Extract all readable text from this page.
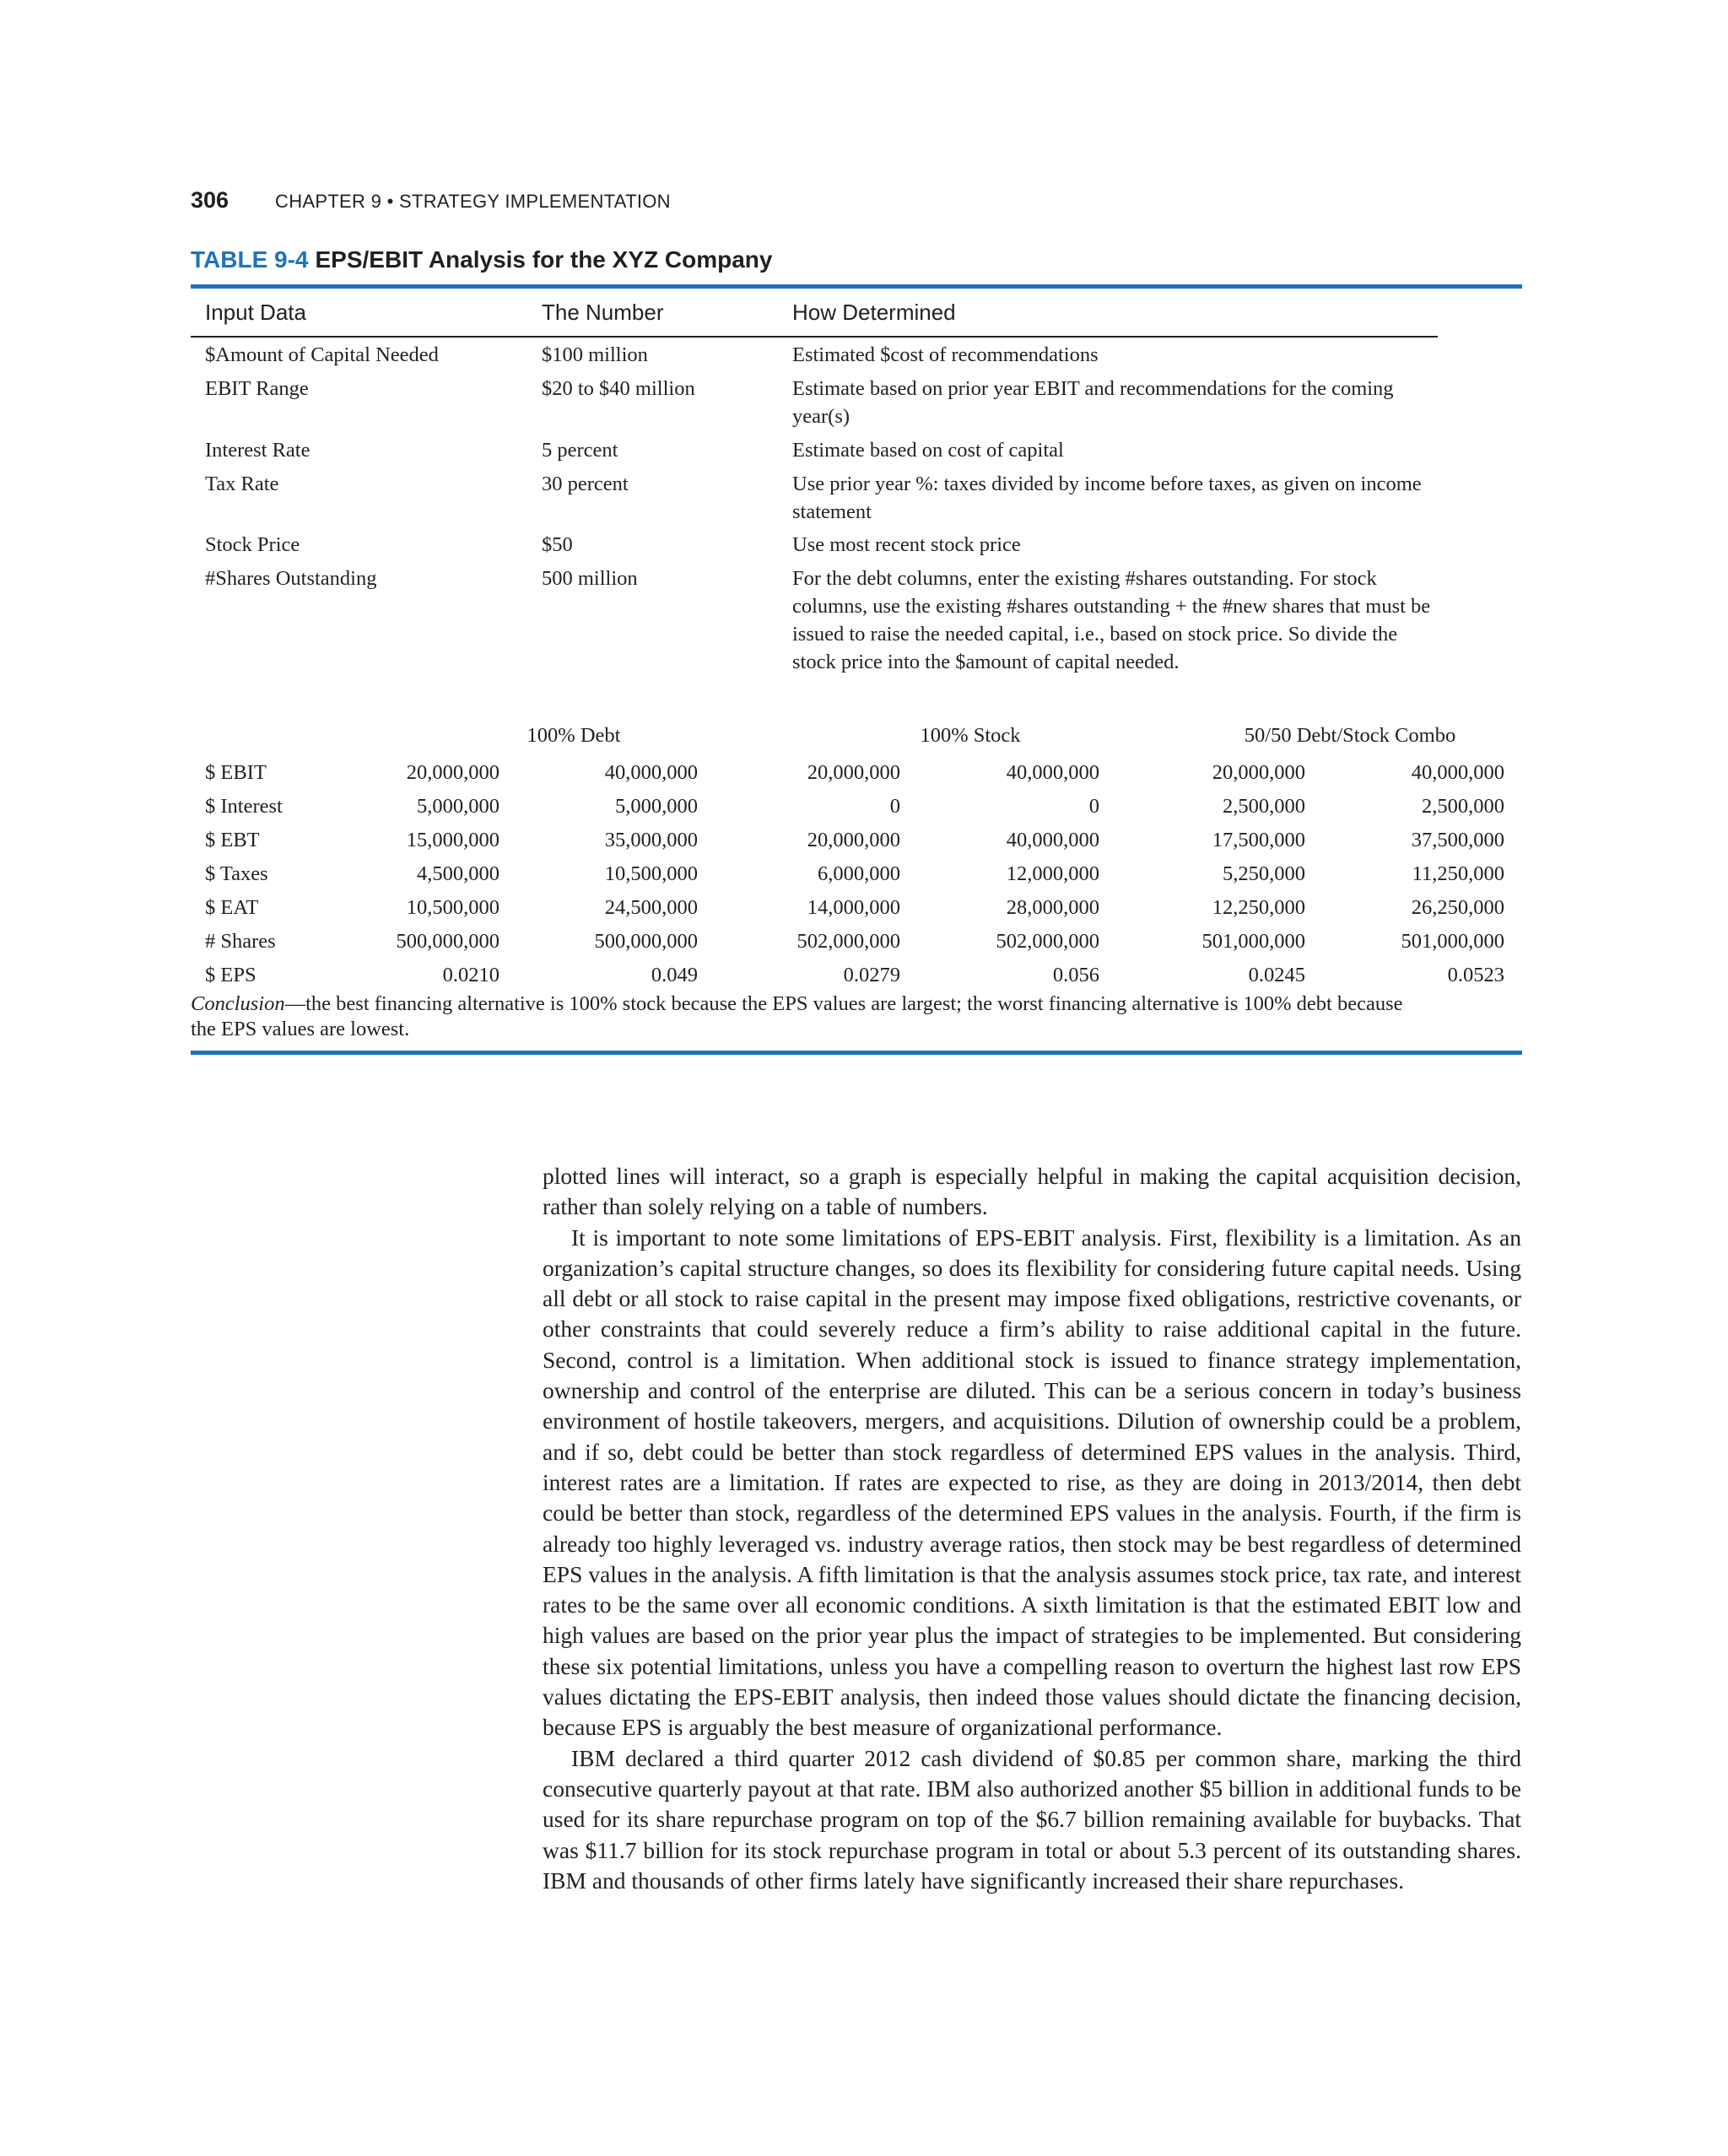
306 CHAPTER 9 • STRATEGY IMPLEMENTATION
TABLE 9-4 EPS/EBIT Analysis for the XYZ Company
Input Data	The Number	How Determined
$Amount of Capital Needed	$100 million	Estimated $cost of recommendations
EBIT Range	$20 to $40 million	Estimate based on prior year EBIT and recommendations for the coming year(s)
Interest Rate	5 percent	Estimate based on cost of capital
Tax Rate	30 percent	Use prior year %: taxes divided by income before taxes, as given on income statement
Stock Price	$50	Use most recent stock price
#Shares Outstanding	500 million	For the debt columns, enter the existing #shares outstanding. For stock columns, use the existing #shares outstanding + the #new shares that must be issued to raise the needed capital, i.e., based on stock price. So divide the stock price into the $amount of capital needed.
100% Debt	100% Stock	50/50 Debt/Stock Combo
$ EBIT	20,000,000	40,000,000	20,000,000	40,000,000	20,000,000	40,000,000
$ Interest	5,000,000	5,000,000	0	0	2,500,000	2,500,000
$ EBT	15,000,000	35,000,000	20,000,000	40,000,000	17,500,000	37,500,000
$ Taxes	4,500,000	10,500,000	6,000,000	12,000,000	5,250,000	11,250,000
$ EAT	10,500,000	24,500,000	14,000,000	28,000,000	12,250,000	26,250,000
# Shares	500,000,000	500,000,000	502,000,000	502,000,000	501,000,000	501,000,000
$ EPS	0.0210	0.049	0.0279	0.056	0.0245	0.0523
Conclusion—the best financing alternative is 100% stock because the EPS values are largest; the worst financing alternative is 100% debt because the EPS values are lowest.

plotted lines will interact, so a graph is especially helpful in making the capital acquisition decision, rather than solely relying on a table of numbers.

It is important to note some limitations of EPS-EBIT analysis. First, flexibility is a limitation. As an organization’s capital structure changes, so does its flexibility for considering future capital needs. Using all debt or all stock to raise capital in the present may impose fixed obligations, restrictive covenants, or other constraints that could severely reduce a firm’s ability to raise additional capital in the future. Second, control is a limitation. When additional stock is issued to finance strategy implementation, ownership and control of the enterprise are diluted. This can be a serious concern in today’s business environment of hostile takeovers, mergers, and acquisitions. Dilution of ownership could be a problem, and if so, debt could be better than stock regardless of determined EPS values in the analysis. Third, interest rates are a limitation. If rates are expected to rise, as they are doing in 2013/2014, then debt could be better than stock, regardless of the determined EPS values in the analysis. Fourth, if the firm is already too highly leveraged vs. industry average ratios, then stock may be best regardless of determined EPS values in the analysis. A fifth limitation is that the analysis assumes stock price, tax rate, and interest rates to be the same over all economic conditions. A sixth limitation is that the estimated EBIT low and high values are based on the prior year plus the impact of strategies to be implemented. But considering these six potential limitations, unless you have a compelling reason to overturn the highest last row EPS values dictating the EPS-EBIT analysis, then indeed those values should dictate the financing decision, because EPS is arguably the best measure of organizational performance.

IBM declared a third quarter 2012 cash dividend of $0.85 per common share, marking the third consecutive quarterly payout at that rate. IBM also authorized another $5 billion in additional funds to be used for its share repurchase program on top of the $6.7 billion remaining available for buybacks. That was $11.7 billion for its stock repurchase program in total or about 5.3 percent of its outstanding shares. IBM and thousands of other firms lately have significantly increased their share repurchases.
